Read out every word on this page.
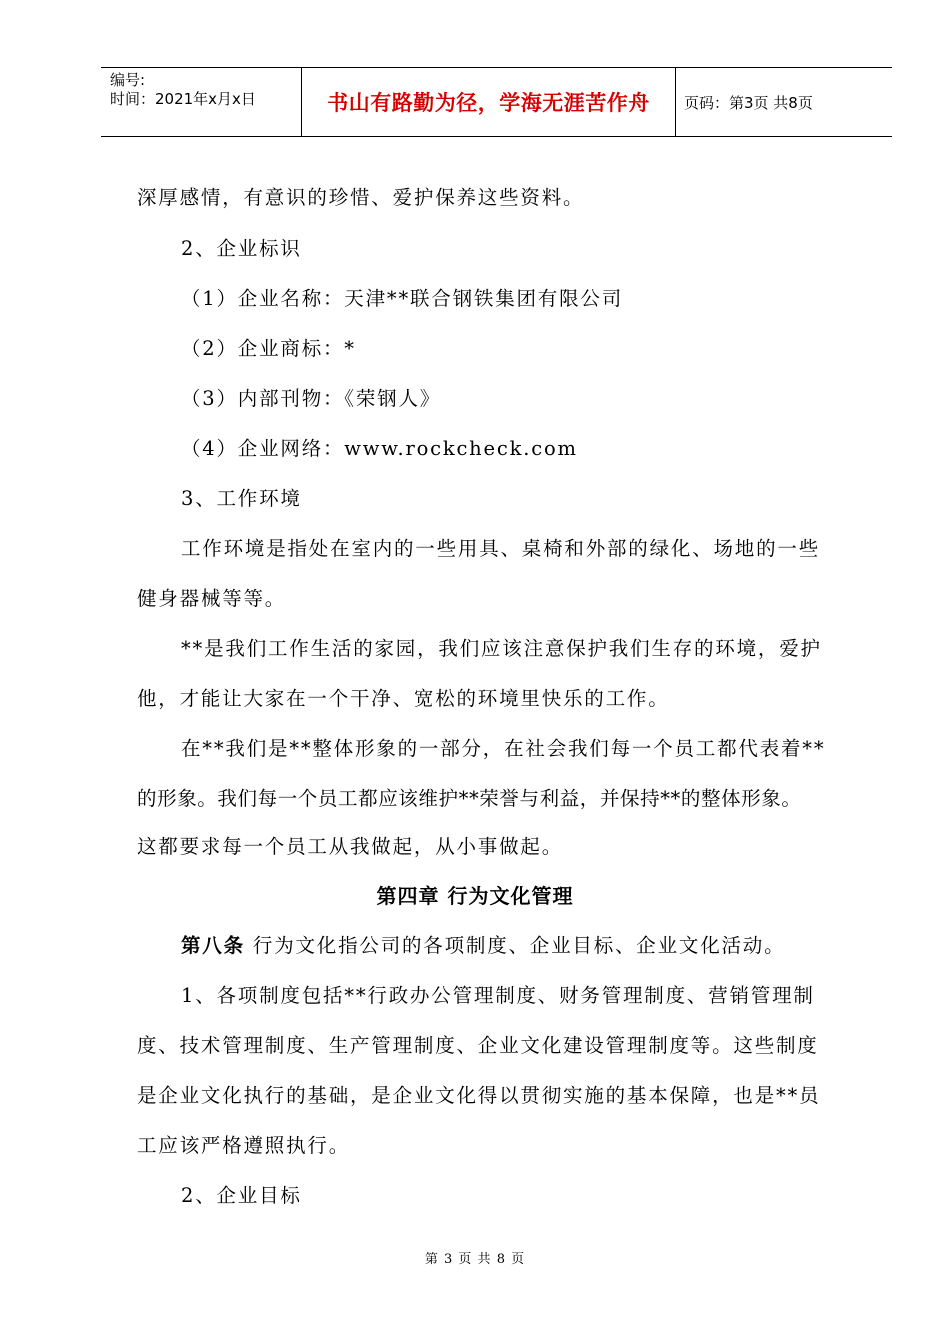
编号:
时间：2021年x月x日	书山有路勤为径，学海无涯苦作舟	页码：第3页 共8页
深厚感情，有意识的珍惜、爱护保养这些资料。
2、企业标识
（1）企业名称：天津**联合钢铁集团有限公司
（2）企业商标：*
（3）内部刊物：《荣钢人》
（4）企业网络：www.rockcheck.com
3、工作环境
工作环境是指处在室内的一些用具、桌椅和外部的绿化、场地的一些
健身器械等等。
**是我们工作生活的家园，我们应该注意保护我们生存的环境，爱护
他，才能让大家在一个干净、宽松的环境里快乐的工作。
在**我们是**整体形象的一部分，在社会我们每一个员工都代表着**
的形象。我们每一个员工都应该维护**荣誉与利益，并保持**的整体形象。
这都要求每一个员工从我做起，从小事做起。
第四章 行为文化管理
第八条 行为文化指公司的各项制度、企业目标、企业文化活动。
1、各项制度包括**行政办公管理制度、财务管理制度、营销管理制
度、技术管理制度、生产管理制度、企业文化建设管理制度等。这些制度
是企业文化执行的基础，是企业文化得以贯彻实施的基本保障，也是**员
工应该严格遵照执行。
2、企业目标
第 3 页 共 8 页
